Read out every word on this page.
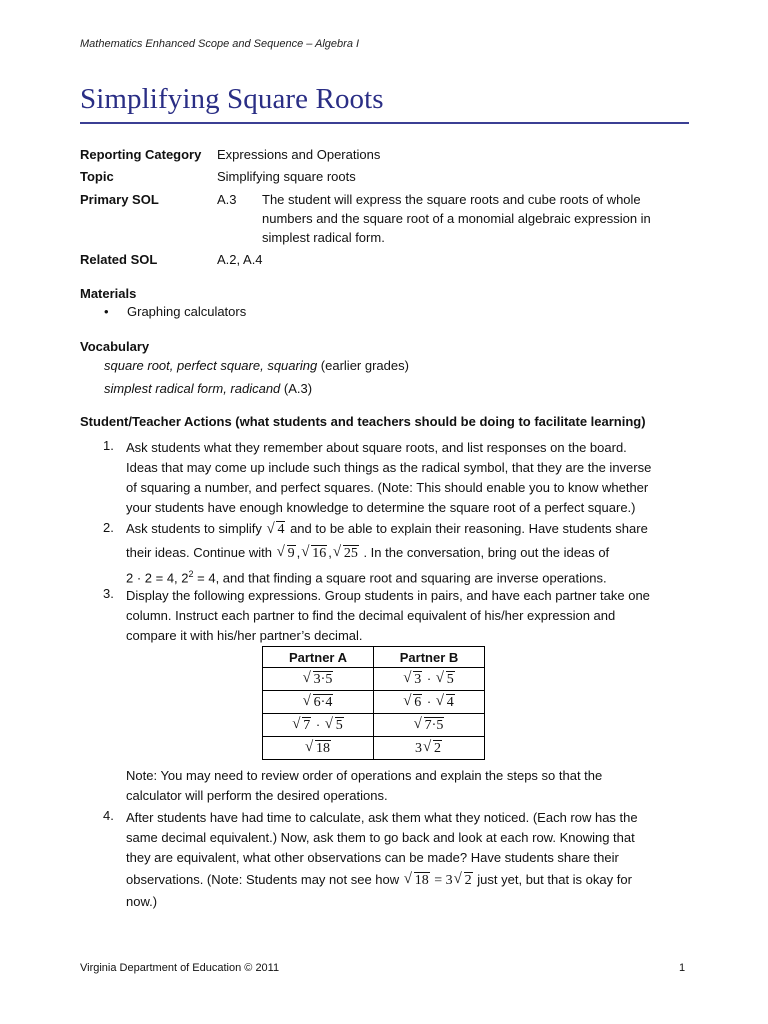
Mathematics Enhanced Scope and Sequence – Algebra I
Simplifying Square Roots
Reporting Category	Expressions and Operations
Topic	Simplifying square roots
Primary SOL	A.3 The student will express the square roots and cube roots of whole
numbers and the square root of a monomial algebraic expression in
simplest radical form.
Related SOL	A.2, A.4
Materials
• Graphing calculators
Vocabulary
square root, perfect square, squaring (earlier grades)
simplest radical form, radicand (A.3)
Student/Teacher Actions (what students and teachers should be doing to facilitate learning)
1. Ask students what they remember about square roots, and list responses on the board.

Ideas that may come up include such things as the radical symbol, that they are the inverse

of squaring a number, and perfect squares. (Note: This should enable you to know whether

your students have enough knowledge to determine the square root of a perfect square.)

2. Ask students to simplify √ 4 and to be able to explain their reasoning. Have students share

their ideas. Continue with √ 9 , √ 16 , √ 25 . In the conversation, bring out the ideas of

2 · 2 = 4, $2^2 = 4$, and that finding a square root and squaring are inverse operations.

3. Display the following expressions. Group students in pairs, and have each partner take one

column. Instruct each partner to find the decimal equivalent of his/her expression and

compare it with his/her partner’s decimal.

Partner A	Partner B

√ 3·5	√ 3 · √ 5

√ 6·4	√ 6 · √ 4

√ 7 · √ 5	√ 7·5

√ 18	3 √ 2

Note: You may need to review order of operations and explain the steps so that the

calculator will perform the desired operations.

4. After students have had time to calculate, ask them what they noticed. (Each row has the

same decimal equivalent.) Now, ask them to go back and look at each row. Knowing that

they are equivalent, what other observations can be made? Have students share their

observations. (Note: Students may not see how √ 18 = 3 √ 2 just yet, but that is okay for

now.)

Virginia Department of Education © 2011	1
